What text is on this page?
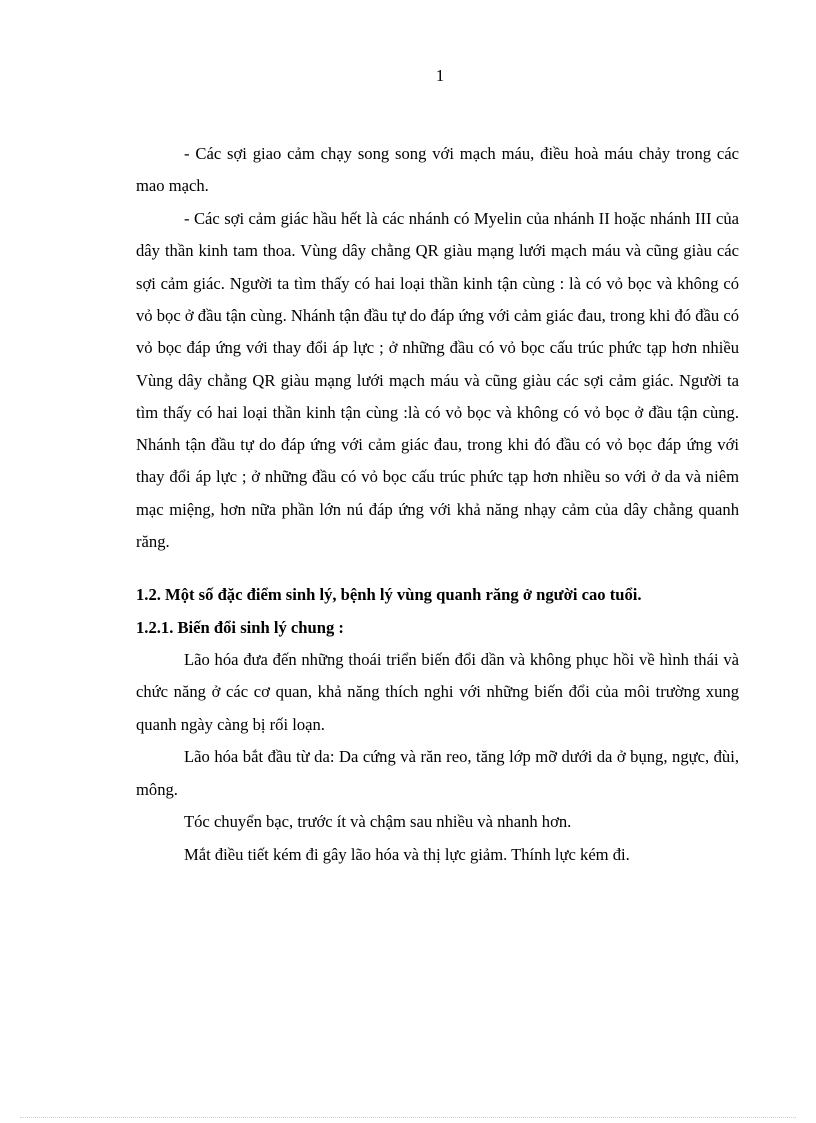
1

- Các sợi giao cảm chạy song song với mạch máu, điều hoà máu chảy trong các mao mạch.

- Các sợi cảm giác hầu hết là các nhánh có Myelin của nhánh II hoặc nhánh III của dây thần kinh tam thoa. Vùng dây chằng QR giàu mạng lưới mạch máu và cũng giàu các sợi cảm giác. Người ta tìm thấy có hai loại thần kinh tận cùng : là có vỏ bọc và không có vỏ bọc ở đầu tận cùng. Nhánh tận đầu tự do đáp ứng với cảm giác đau, trong khi đó đầu có vỏ bọc đáp ứng với thay đổi áp lực ; ở những đầu có vỏ bọc cấu trúc phức tạp hơn nhiều Vùng dây chằng QR giàu mạng lưới mạch máu và cũng giàu các sợi cảm giác. Người ta tìm thấy có hai loại thần kinh tận cùng :là có vỏ bọc và không có vỏ bọc ở đầu tận cùng. Nhánh tận đầu tự do đáp ứng với cảm giác đau, trong khi đó đầu có vỏ bọc đáp ứng với thay đổi áp lực ; ở những đầu có vỏ bọc cấu trúc phức tạp hơn nhiều so với ở da và niêm mạc miệng, hơn nữa phần lớn nú đáp ứng với khả năng nhạy cảm của dây chằng quanh răng.

1.2. Một số đặc điểm sinh lý, bệnh lý vùng quanh răng ở người cao tuổi.
1.2.1. Biến đổi sinh lý chung :

Lão hóa đưa đến những thoái triển biến đổi dần và không phục hồi về hình thái và chức năng ở các cơ quan, khả năng thích nghi với những biến đổi của môi trường xung quanh ngày càng bị rối loạn.

Lão hóa bắt đầu từ da: Da cứng và răn reo, tăng lớp mỡ dưới da ở bụng, ngực, đùi, mông.

Tóc chuyển bạc, trước ít và chậm sau nhiều và nhanh hơn.

Mắt điều tiết kém đi gây lão hóa và thị lực giảm. Thính lực kém đi.
